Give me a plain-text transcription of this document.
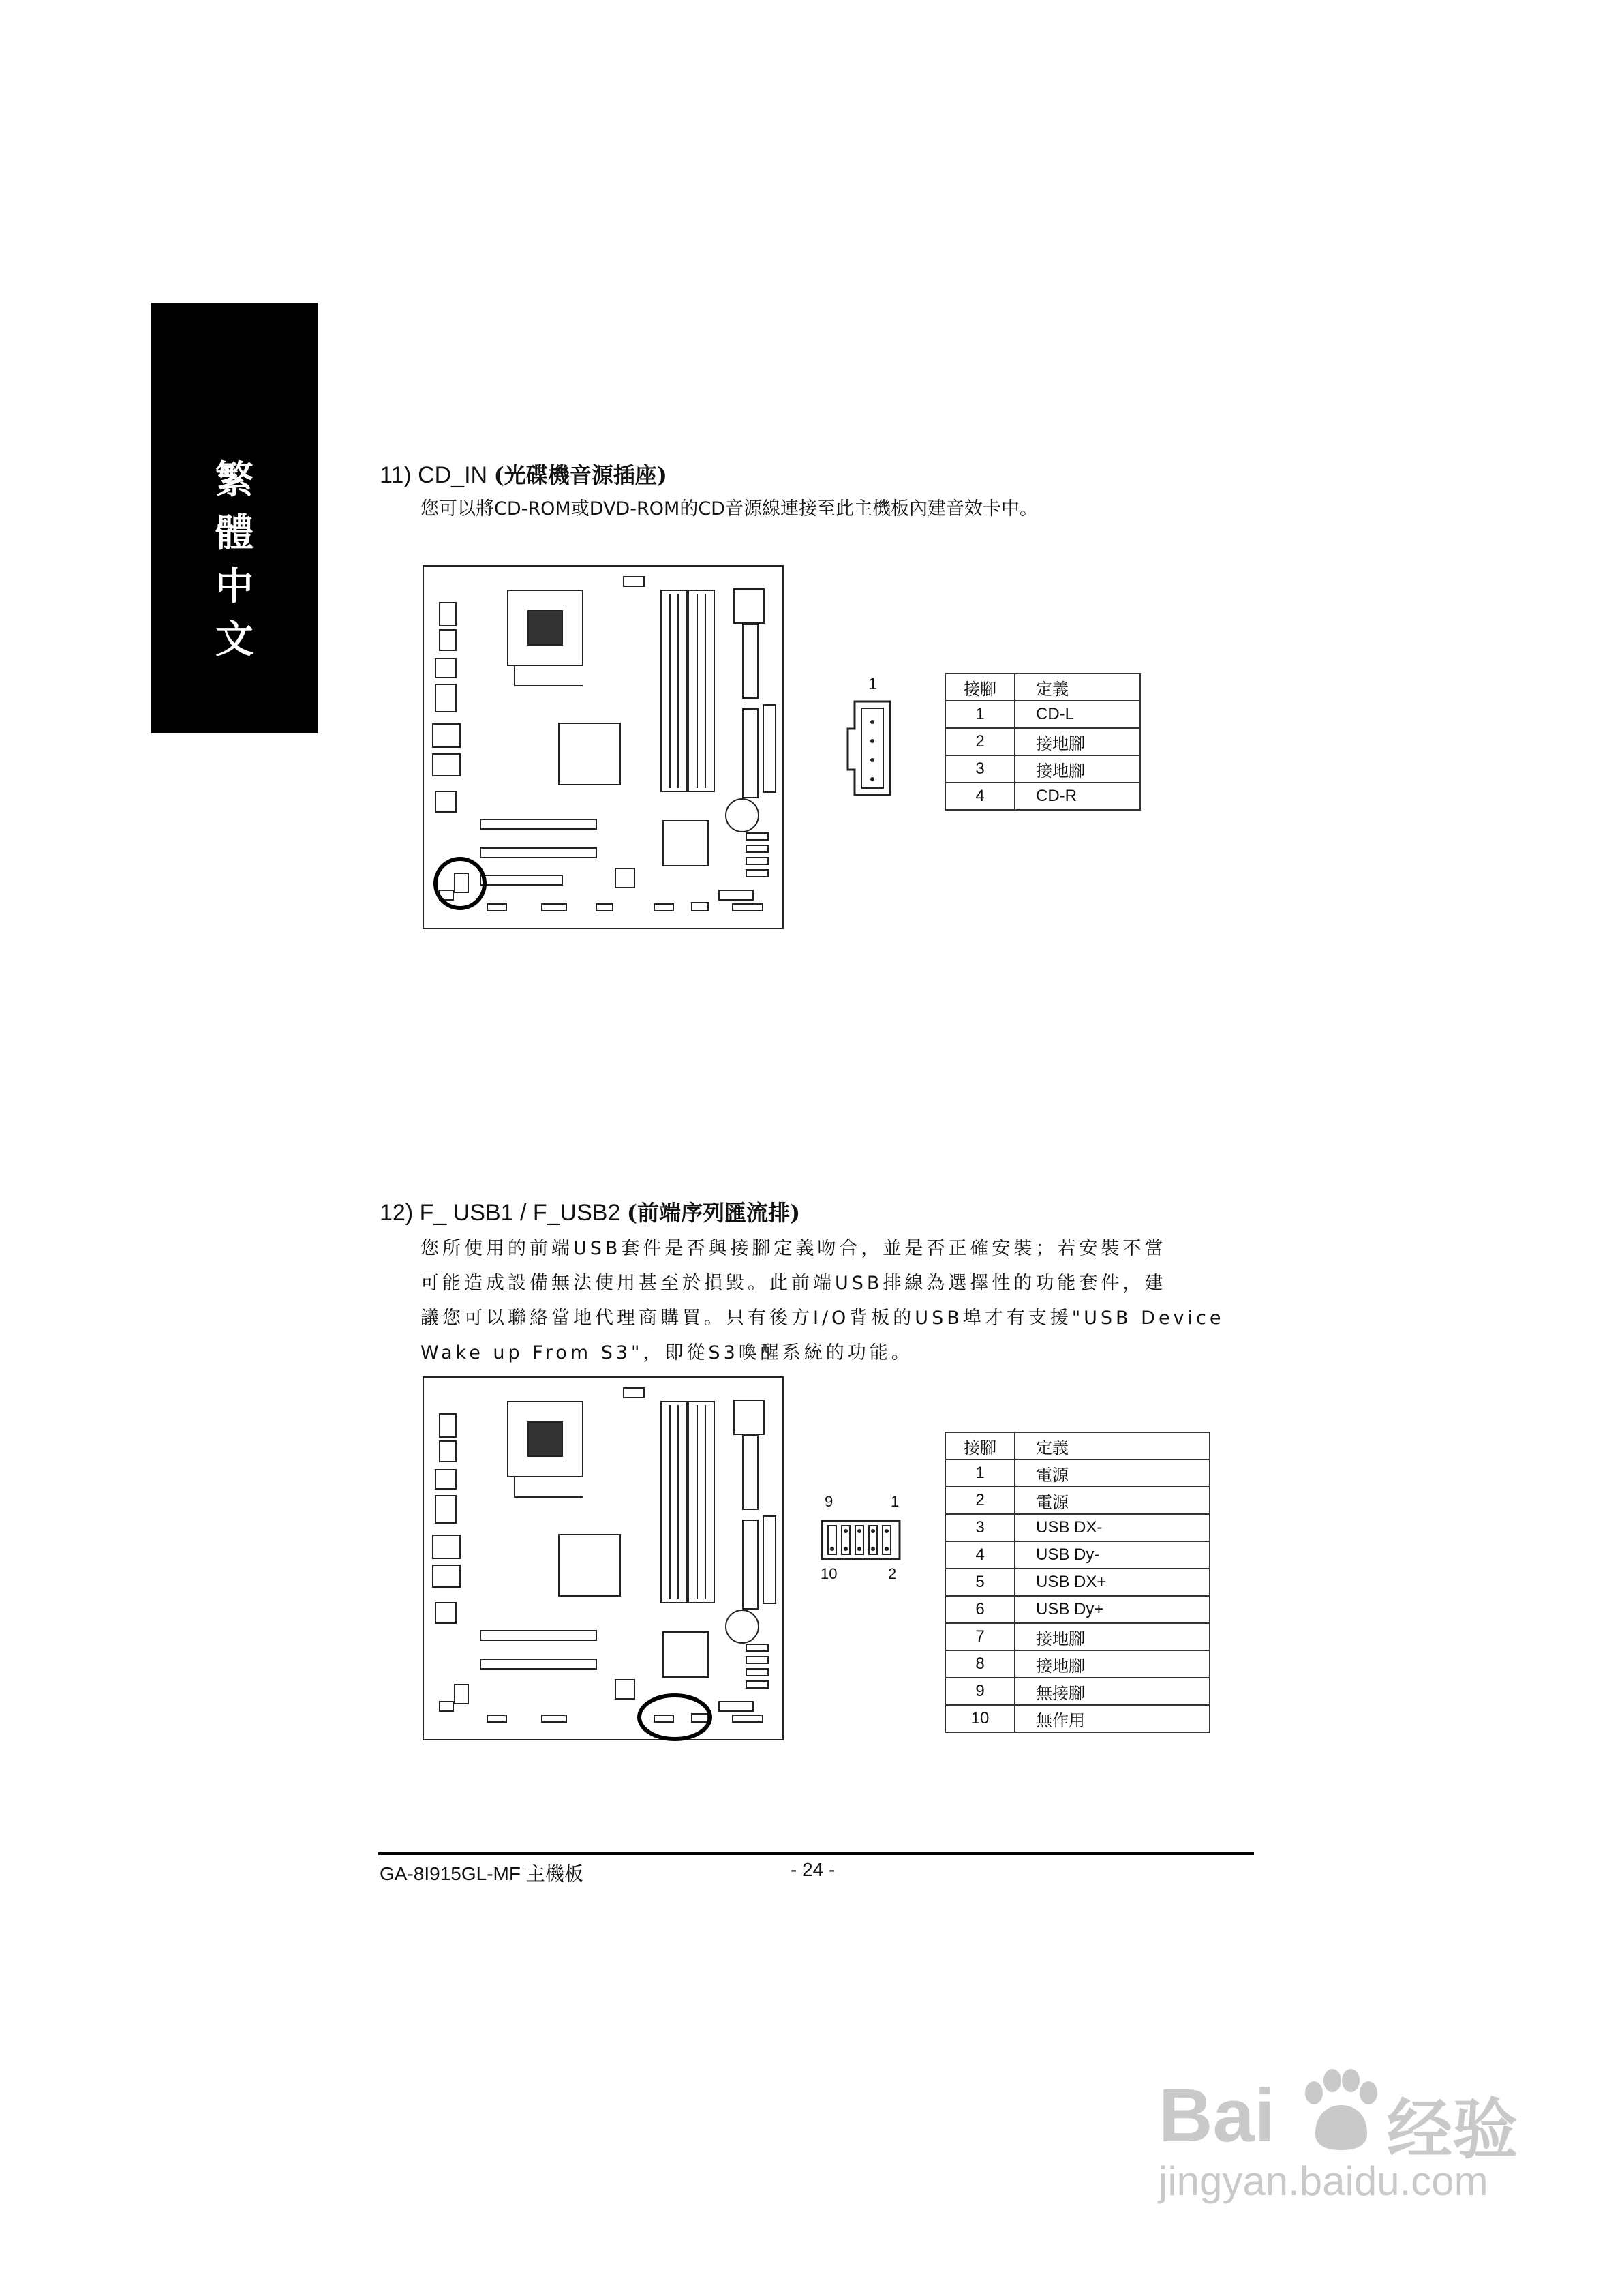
繁
體
中
文
11) CD_IN (光碟機音源插座)
您可以將CD-ROM或DVD-ROM的CD音源線連接至此主機板內建音效卡中。
1	接腳	定義
1	CD-L
2	接地腳
3	接地腳
4	CD-R
12) F_ USB1 / F_USB2 (前端序列匯流排)
您所使用的前端USB套件是否與接腳定義吻合，並是否正確安裝；若安裝不當
可能造成設備無法使用甚至於損毀。此前端USB排線為選擇性的功能套件，建
議您可以聯絡當地代理商購買。只有後方I/O背板的USB埠才有支援"USB Device
Wake up From S3"，即從S3喚醒系統的功能。
9	1
10	2
接腳	定義
1	電源
2	電源
3	USB DX-
4	USB Dy-
5	USB DX+
6	USB Dy+
7	接地腳
8	接地腳
9	無接腳
10	無作用
GA-8I915GL-MF 主機板	- 24 -
Bai 经验
jingyan.baidu.com
